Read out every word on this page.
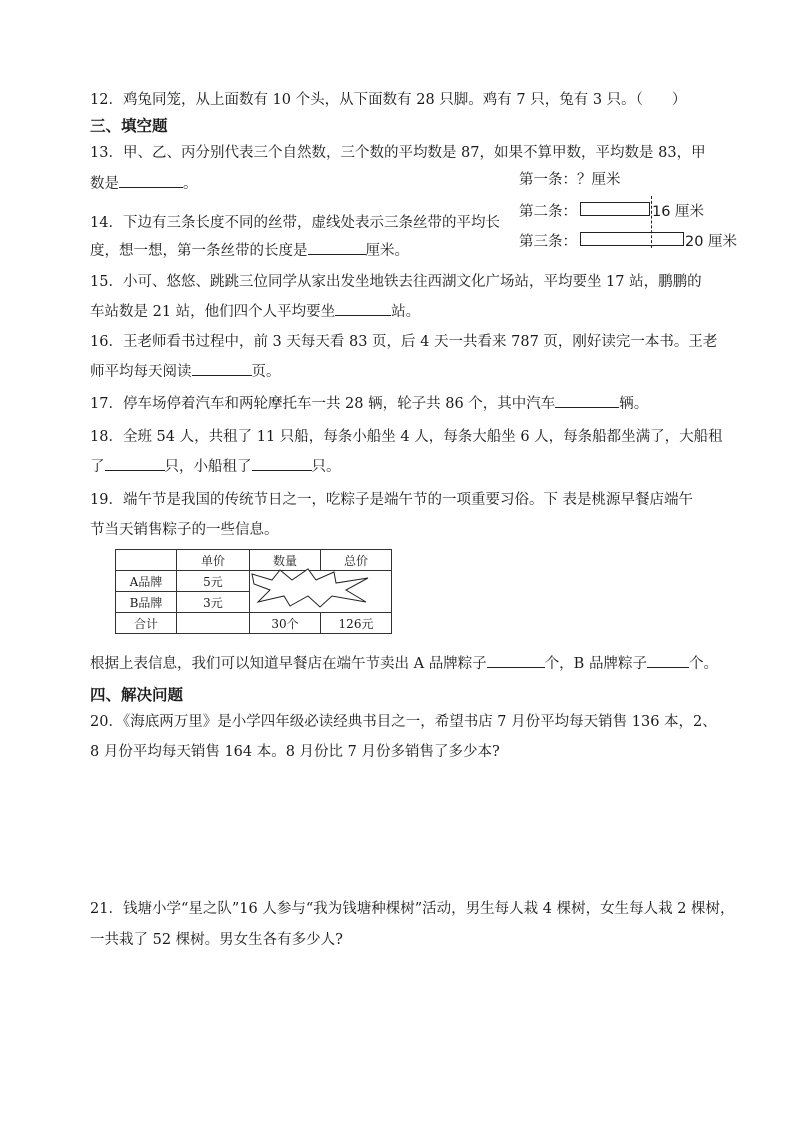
12．鸡兔同笼，从上面数有 10 个头，从下面数有 28 只脚。鸡有 7 只，兔有 3 只。（　　）
三、填空题
13．甲、乙、丙分别代表三个自然数，三个数的平均数是 87，如果不算甲数，平均数是 83，甲
数是	。	第一条：？厘米
第二条：	16 厘米
第三条：	20 厘米
14．下边有三条长度不同的丝带，虚线处表示三条丝带的平均长
度，想一想，第一条丝带的长度是	厘米。
15．小可、悠悠、跳跳三位同学从家出发坐地铁去往西湖文化广场站，平均要坐 17 站，鹏鹏的
车站数是 21 站，他们四个人平均要坐	站。
16．王老师看书过程中，前 3 天每天看 83 页，后 4 天一共看来 787 页，刚好读完一本书。王老
师平均每天阅读	页。
17．停车场停着汽车和两轮摩托车一共 28 辆，轮子共 86 个，其中汽车	辆。
18．全班 54 人，共租了 11 只船，每条小船坐 4 人，每条大船坐 6 人，每条船都坐满了，大船租
了	只，小船租了	只。
19．端午节是我国的传统节日之一，吃粽子是端午节的一项重要习俗。下 表是桃源早餐店端午
节当天销售粽子的一些信息。
	单价	数量	总价
A品牌	5元		
B品牌	3元		
合计		30个	126元
根据上表信息，我们可以知道早餐店在端午节卖出 A 品牌粽子	个，B 品牌粽子	个。
四、解决问题
20．《海底两万里》是小学四年级必读经典书目之一，希望书店 7 月份平均每天销售 136 本，2、
8 月份平均每天销售 164 本。8 月份比 7 月份多销售了多少本?
21．钱塘小学“星之队”16 人参与“我为钱塘种棵树”活动，男生每人栽 4 棵树，女生每人栽 2 棵树，
一共栽了 52 棵树。男女生各有多少人?
